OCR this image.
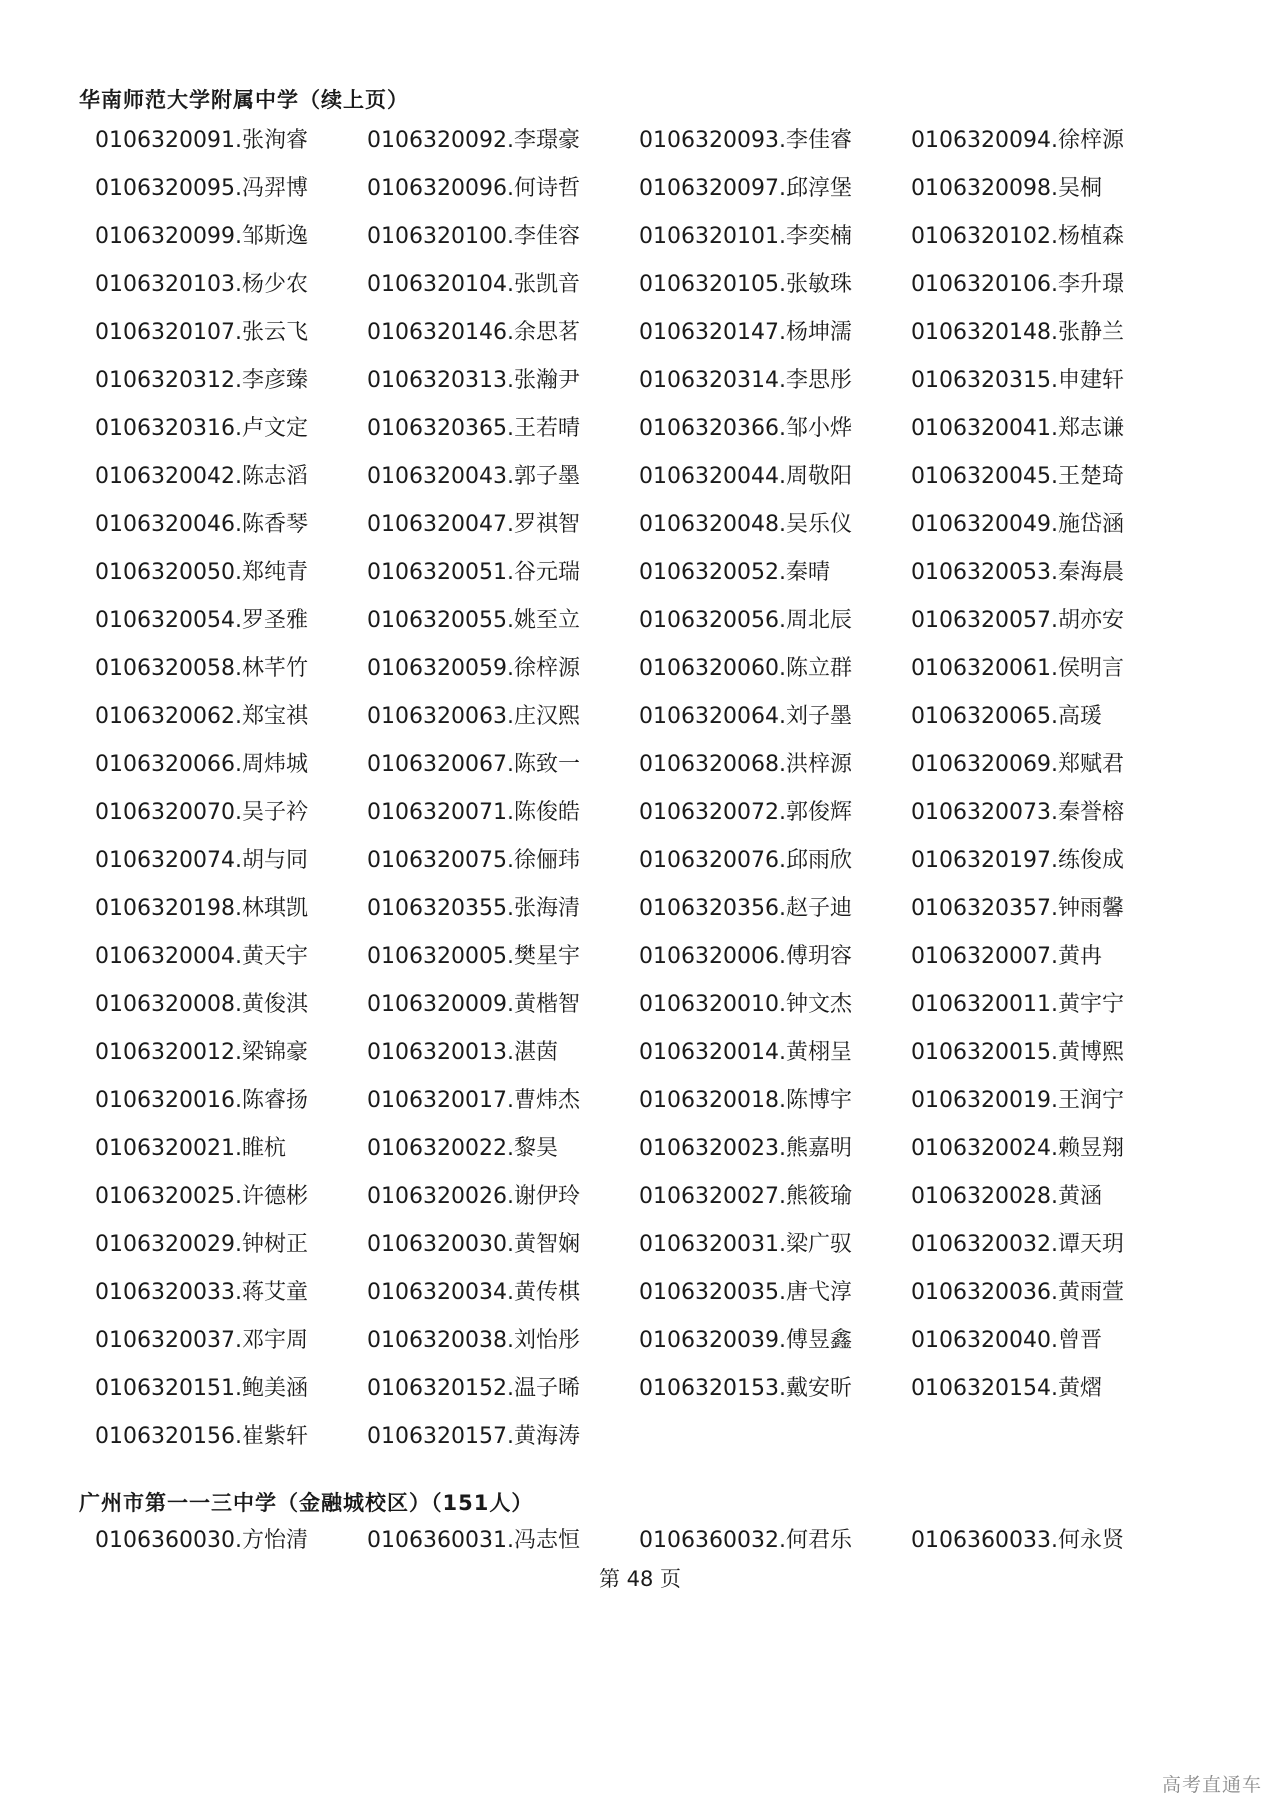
华南师范大学附属中学（续上页）
0106320091.张洵睿	0106320092.李璟豪	0106320093.李佳睿	0106320094.徐梓源
0106320095.冯羿博	0106320096.何诗哲	0106320097.邱淳堡	0106320098.吴桐
0106320099.邹斯逸	0106320100.李佳容	0106320101.李奕楠	0106320102.杨植森
0106320103.杨少农	0106320104.张凯音	0106320105.张敏珠	0106320106.李升璟
0106320107.张云飞	0106320146.余思茗	0106320147.杨坤濡	0106320148.张静兰
0106320312.李彦臻	0106320313.张瀚尹	0106320314.李思彤	0106320315.申建轩
0106320316.卢文定	0106320365.王若晴	0106320366.邹小烨	0106320041.郑志谦
0106320042.陈志滔	0106320043.郭子墨	0106320044.周敬阳	0106320045.王楚琦
0106320046.陈香琴	0106320047.罗祺智	0106320048.吴乐仪	0106320049.施岱涵
0106320050.郑纯青	0106320051.谷元瑞	0106320052.秦晴	0106320053.秦海晨
0106320054.罗圣雅	0106320055.姚至立	0106320056.周北辰	0106320057.胡亦安
0106320058.林芊竹	0106320059.徐梓源	0106320060.陈立群	0106320061.侯明言
0106320062.郑宝祺	0106320063.庄汉熙	0106320064.刘子墨	0106320065.高瑗
0106320066.周炜城	0106320067.陈致一	0106320068.洪梓源	0106320069.郑赋君
0106320070.吴子衿	0106320071.陈俊皓	0106320072.郭俊辉	0106320073.秦誉榕
0106320074.胡与同	0106320075.徐俪玮	0106320076.邱雨欣	0106320197.练俊成
0106320198.林琪凯	0106320355.张海清	0106320356.赵子迪	0106320357.钟雨馨
0106320004.黄天宇	0106320005.樊星宇	0106320006.傅玥容	0106320007.黄冉
0106320008.黄俊淇	0106320009.黄楷智	0106320010.钟文杰	0106320011.黄宇宁
0106320012.梁锦豪	0106320013.湛茵	0106320014.黄栩呈	0106320015.黄博熙
0106320016.陈睿扬	0106320017.曹炜杰	0106320018.陈博宇	0106320019.王润宁
0106320021.睢杭	0106320022.黎昊	0106320023.熊嘉明	0106320024.赖昱翔
0106320025.许德彬	0106320026.谢伊玲	0106320027.熊筱瑜	0106320028.黄涵
0106320029.钟树正	0106320030.黄智娴	0106320031.梁广驭	0106320032.谭天玥
0106320033.蒋艾童	0106320034.黄传棋	0106320035.唐弋淳	0106320036.黄雨萱
0106320037.邓宇周	0106320038.刘怡彤	0106320039.傅昱鑫	0106320040.曾晋
0106320151.鲍美涵	0106320152.温子晞	0106320153.戴安昕	0106320154.黄熠
0106320156.崔紫轩	0106320157.黄海涛
广州市第一一三中学（金融城校区）（151人）
0106360030.方怡清	0106360031.冯志恒	0106360032.何君乐	0106360033.何永贤
第 48 页
高考直通车
